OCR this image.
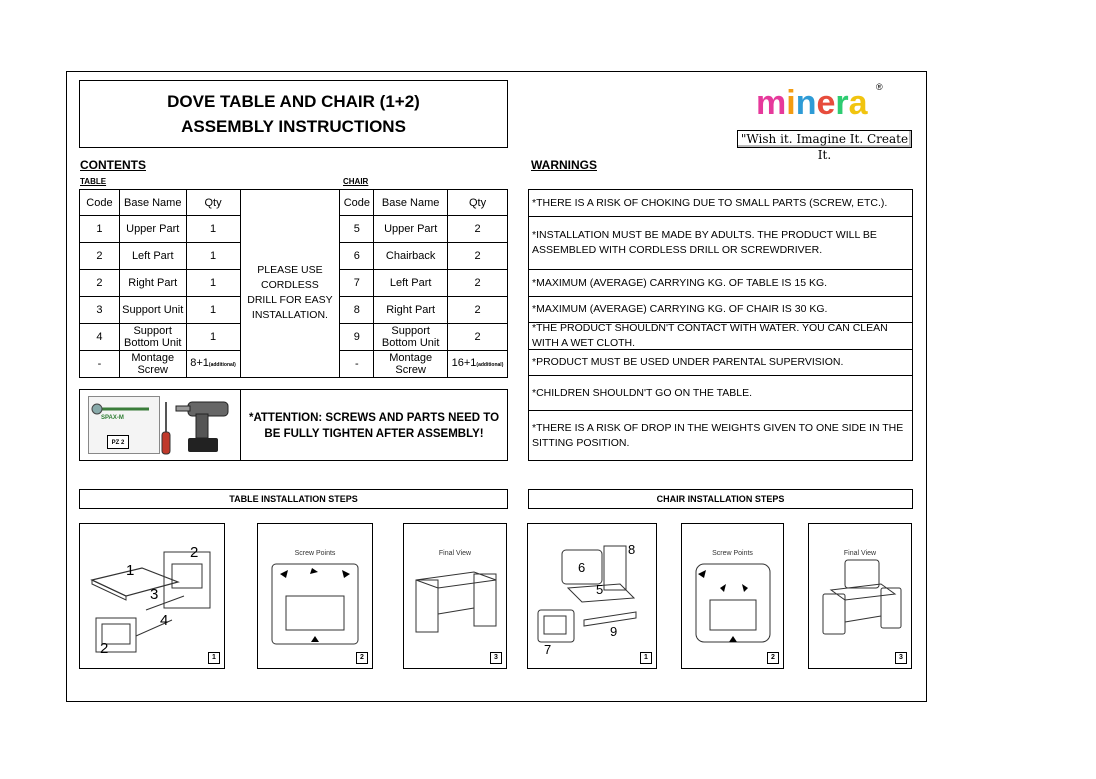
DOVE TABLE AND CHAIR (1+2)
ASSEMBLY INSTRUCTIONS
minera ®
"Wish it. Imagine It. Create It.
CONTENTS
TABLE	CHAIR
WARNINGS
Code	Base Name	Qty	PLEASE USE CORDLESS DRILL FOR EASY INSTALLATION.	Code	Base Name	Qty
1	Upper Part	1		5	Upper Part	2
2	Left Part	1		6	Chairback	2
2	Right Part	1		7	Left Part	2
3	Support Unit	1		8	Right Part	2
4	Support Bottom Unit	1		9	Support Bottom Unit	2
-	Montage Screw	8+1(additional)		-	Montage Screw	16+1(additional)
SPAX-M
PZ 2
*ATTENTION: SCREWS AND PARTS NEED TO BE FULLY TIGHTEN AFTER ASSEMBLY!
*THERE IS A RISK OF CHOKING DUE TO SMALL PARTS (SCREW, ETC.).
*INSTALLATION MUST BE MADE BY ADULTS. THE PRODUCT WILL BE ASSEMBLED WITH CORDLESS DRILL OR SCREWDRIVER.
*MAXIMUM (AVERAGE) CARRYING KG. OF TABLE IS 15 KG.
*MAXIMUM (AVERAGE) CARRYING KG. OF CHAIR IS 30 KG.
*THE PRODUCT SHOULDN'T CONTACT WITH WATER. YOU CAN CLEAN WITH A WET CLOTH.
*PRODUCT MUST BE USED UNDER PARENTAL SUPERVISION.
*CHILDREN SHOULDN'T GO ON THE TABLE.
*THERE IS A RISK OF DROP IN THE WEIGHTS GIVEN TO ONE SIDE IN THE SITTING POSITION.
TABLE INSTALLATION STEPS	CHAIR INSTALLATION STEPS
1
2
3
4
2
1
Screw Points
2
Final View
3
8
6
5
9
7
1
Screw Points
2
Final View
3
